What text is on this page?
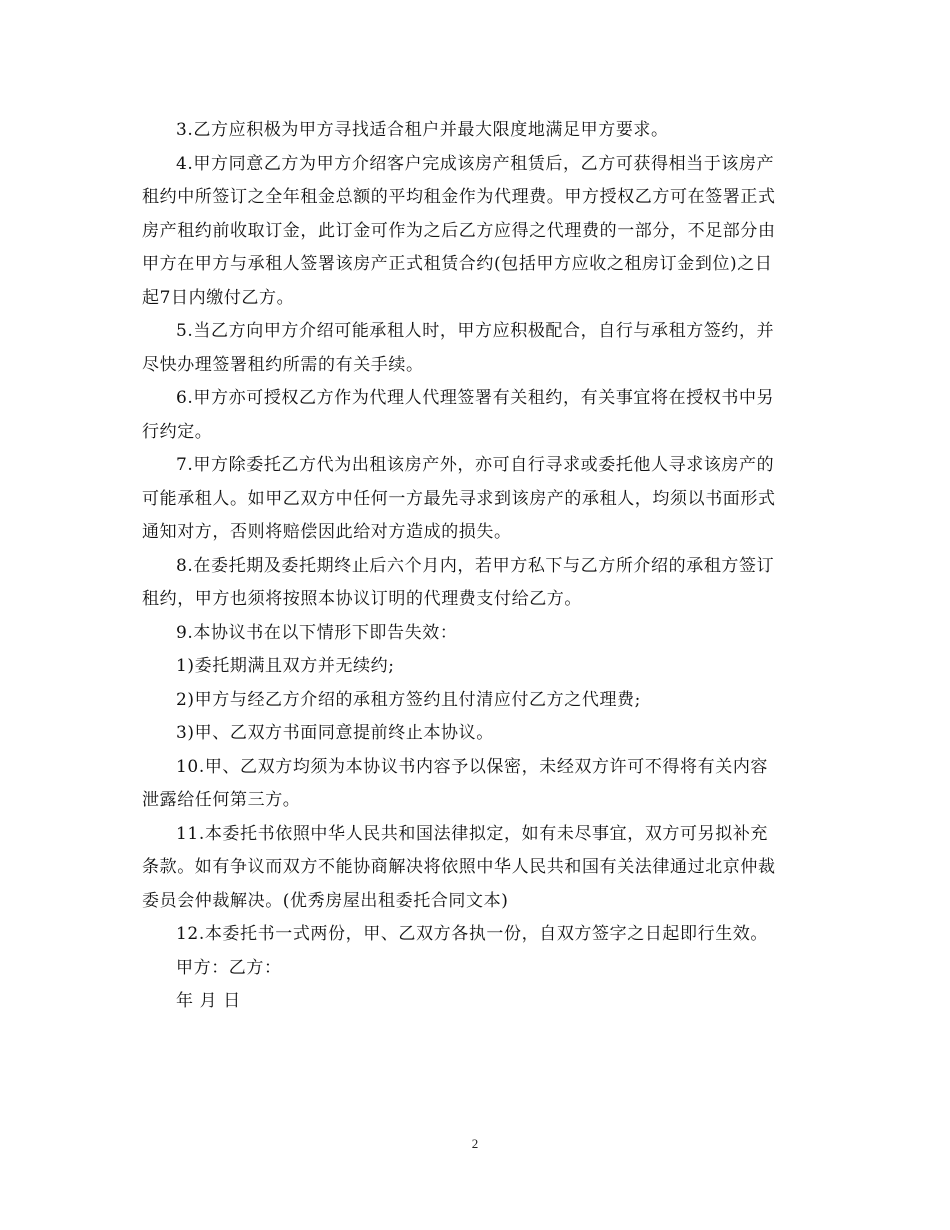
3.乙方应积极为甲方寻找适合租户并最大限度地满足甲方要求。

4.甲方同意乙方为甲方介绍客户完成该房产租赁后，乙方可获得相当于该房产
租约中所签订之全年租金总额的平均租金作为代理费。甲方授权乙方可在签署正式
房产租约前收取订金，此订金可作为之后乙方应得之代理费的一部分，不足部分由
甲方在甲方与承租人签署该房产正式租赁合约(包括甲方应收之租房订金到位)之日
起7日内缴付乙方。

5.当乙方向甲方介绍可能承租人时，甲方应积极配合，自行与承租方签约，并
尽快办理签署租约所需的有关手续。

6.甲方亦可授权乙方作为代理人代理签署有关租约，有关事宜将在授权书中另
行约定。

7.甲方除委托乙方代为出租该房产外，亦可自行寻求或委托他人寻求该房产的
可能承租人。如甲乙双方中任何一方最先寻求到该房产的承租人，均须以书面形式
通知对方，否则将赔偿因此给对方造成的损失。

8.在委托期及委托期终止后六个月内，若甲方私下与乙方所介绍的承租方签订
租约，甲方也须将按照本协议订明的代理费支付给乙方。

9.本协议书在以下情形下即告失效：

1)委托期满且双方并无续约;

2)甲方与经乙方介绍的承租方签约且付清应付乙方之代理费;

3)甲、乙双方书面同意提前终止本协议。

10.甲、乙双方均须为本协议书内容予以保密，未经双方许可不得将有关内容
泄露给任何第三方。

11.本委托书依照中华人民共和国法律拟定，如有未尽事宜，双方可另拟补充
条款。如有争议而双方不能协商解决将依照中华人民共和国有关法律通过北京仲裁
委员会仲裁解决。(优秀房屋出租委托合同文本)

12.本委托书一式两份，甲、乙双方各执一份，自双方签字之日起即行生效。

甲方：乙方：

年 月 日

2
